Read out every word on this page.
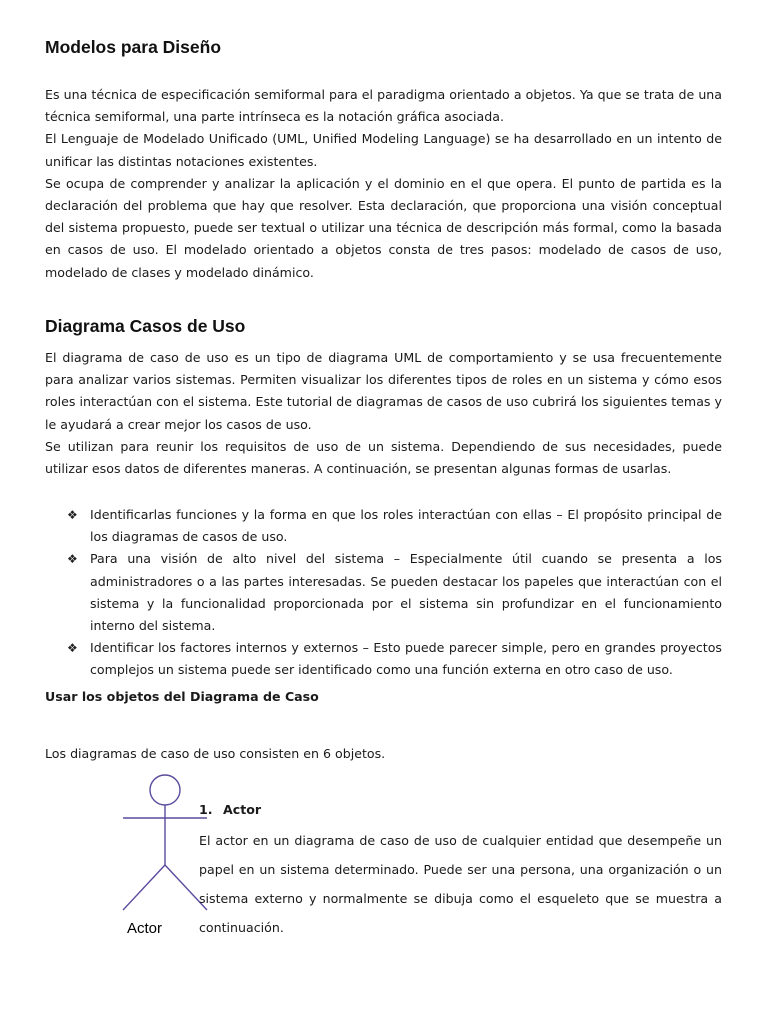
Modelos para Diseño

Es una técnica de especificación semiformal para el paradigma orientado a objetos. Ya que se trata de una técnica semiformal, una parte intrínseca es la notación gráfica asociada.

El Lenguaje de Modelado Unificado (UML, Unified Modeling Language) se ha desarrollado en un intento de unificar las distintas notaciones existentes.

Se ocupa de comprender y analizar la aplicación y el dominio en el que opera. El punto de partida es la declaración del problema que hay que resolver. Esta declaración, que proporciona una visión conceptual del sistema propuesto, puede ser textual o utilizar una técnica de descripción más formal, como la basada en casos de uso. El modelado orientado a objetos consta de tres pasos: modelado de casos de uso, modelado de clases y modelado dinámico.

Diagrama Casos de Uso

El diagrama de caso de uso es un tipo de diagrama UML de comportamiento y se usa frecuentemente para analizar varios sistemas. Permiten visualizar los diferentes tipos de roles en un sistema y cómo esos roles interactúan con el sistema. Este tutorial de diagramas de casos de uso cubrirá los siguientes temas y le ayudará a crear mejor los casos de uso.

Se utilizan para reunir los requisitos de uso de un sistema. Dependiendo de sus necesidades, puede utilizar esos datos de diferentes maneras. A continuación, se presentan algunas formas de usarlas.

❖ Identificarlas funciones y la forma en que los roles interactúan con ellas – El propósito principal de los diagramas de casos de uso.
❖ Para una visión de alto nivel del sistema – Especialmente útil cuando se presenta a los administradores o a las partes interesadas. Se pueden destacar los papeles que interactúan con el sistema y la funcionalidad proporcionada por el sistema sin profundizar en el funcionamiento interno del sistema.
❖ Identificar los factores internos y externos – Esto puede parecer simple, pero en grandes proyectos complejos un sistema puede ser identificado como una función externa en otro caso de uso.

Usar los objetos del Diagrama de Caso

Los diagramas de caso de uso consisten en 6 objetos.

Actor

1. Actor

El actor en un diagrama de caso de uso de cualquier entidad que desempeñe un papel en un sistema determinado. Puede ser una persona, una organización o un sistema externo y normalmente se dibuja como el esqueleto que se muestra a continuación.
